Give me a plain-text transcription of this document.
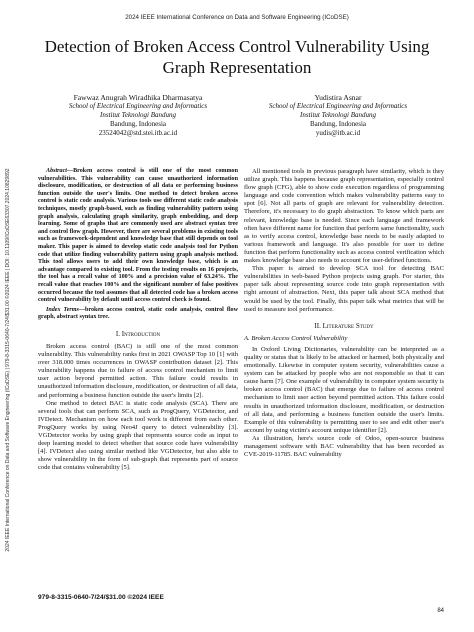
2024 IEEE International Conference on Data and Software Engineering (ICoDSE)
2024 IEEE International Conference on Data and Software Engineering (ICoDSE) | 979-8-3315-0640-7/24/$31.00 ©2024 IEEE | DOI: 10.1109/ICoDSE63307.2024.10829892
Detection of Broken Access Control Vulnerability Using Graph Representation
Fawwaz Anugrah Wiradhika Dharmasatya
School of Electrical Engineering and Informatics
Institut Teknologi Bandung
Bandung, Indonesia
23524042@std.stei.itb.ac.id
Yudistira Asnar
School of Electrical Engineering and Informatics
Institut Teknologi Bandung
Bandung, Indonesia
yudis@itb.ac.id

Abstract—Broken access control is still one of the most common vulnerabilities. This vulnerability can cause unauthorized information disclosure, modification, or destruction of all data or performing business function outside the user's limits. One method to detect broken access control is static code analysis. Various tools use different static code analysis techniques, mostly graph-based, such as finding vulnerability pattern using graph analysis, calculating graph similarity, graph embedding, and deep learning. Some of graphs that are commonly used are abstract syntax tree and control flow graph. However, there are several problems in existing tools such as framework-dependent and knowledge base that still depends on tool maker. This paper is aimed to develop static code analysis tool for Python code that utilize finding vulnerability pattern using graph analysis method. This tool allows users to add their own knowledge base, which is an advantage compared to existing tool. From the testing results on 16 projects, the tool has a recall value of 100% and a precision value of 63.24%. The recall value that reaches 100% and the significant number of false positives occurred because the tool assumes that all detected code has a broken access control vulnerability by default until access control check is found.

Index Terms—broken access control, static code analysis, control flow graph, abstract syntax tree.

I. Introduction

Broken access control (BAC) is still one of the most common vulnerability. This vulnerability ranks first in 2021 OWASP Top 10 [1] with over 318.000 times occurrences in OWASP contribution dataset [2]. This vulnerability happens due to failure of access control mechanism to limit user action beyond permitted action. This failure could results in unauthorized information disclosure, modification, or destruction of all data, and performing a business function outside the user's limits [2].

One method to detect BAC is static code analysis (SCA). There are several tools that can perform SCA, such as ProgQuery, VGDetector, and IVDetect. Mechanism on how each tool work is different from each other. ProgQuery works by using Neo4J query to detect vulnerability [3]. VGDetector works by using graph that represents source code as input to deep learning model to detect whether that source code have vulnerability [4]. IVDetect also using similar method like VGDetector, but also able to show vulnerability in the form of sub-graph that represents part of source code that contains vulnerability [5].

All mentioned tools in previous paragraph have similarity, which is they utilize graph. This happens because graph representation, especially control flow graph (CFG), able to show code execution regardless of programming language and code convention which makes vulnerability patterns easy to spot [6]. Not all parts of graph are relevant for vulnerability detection. Therefore, it's necessary to do graph abstraction. To know which parts are relevant, knowledge base is needed. Since each language and framework often have different name for function that perform same functionality, such as to verify access control, knowledge base needs to be easily adapted to various framework and language. It's also possible for user to define function that perform functionality such as access control verification which makes knowledge base also needs to account for user-defined functions.

This paper is aimed to develop SCA tool for detecting BAC vulnerabilities in web-based Python projects using graph. For starter, this paper talk about representing source code into graph representation with right amount of abstraction. Next, this paper talk about SCA method that would be used by the tool. Finally, this paper talk what metrics that will be used to measure tool performance.

II. Literature Study
A. Broken Access Control Vulnerability

In Oxford Living Dictionaries, vulnerability can be interpreted as a quality or status that is likely to be attacked or harmed, both physically and emotionally. Likewise in computer system security, vulnerabilities cause a system can be attacked by people who are not responsible so that it can cause harm [7]. One example of vulnerability in computer system security is broken access control (BAC) that emerge due to failure of access control mechanism to limit user action beyond permitted action. This failure could results in unauthorized information disclosure, modification, or destruction of all data, and performing a business function outside the user's limits. Example of this vulnerability is permitting user to see and edit other user's account by using victim's account unique identifier [2].

As illustration, here's source code of Odoo, open-source business management software with BAC vulnerability that has been recorded as CVE-2019-11785. BAC vulnerability

979-8-3315-0640-7/24/$31.00 ©2024 IEEE
84
